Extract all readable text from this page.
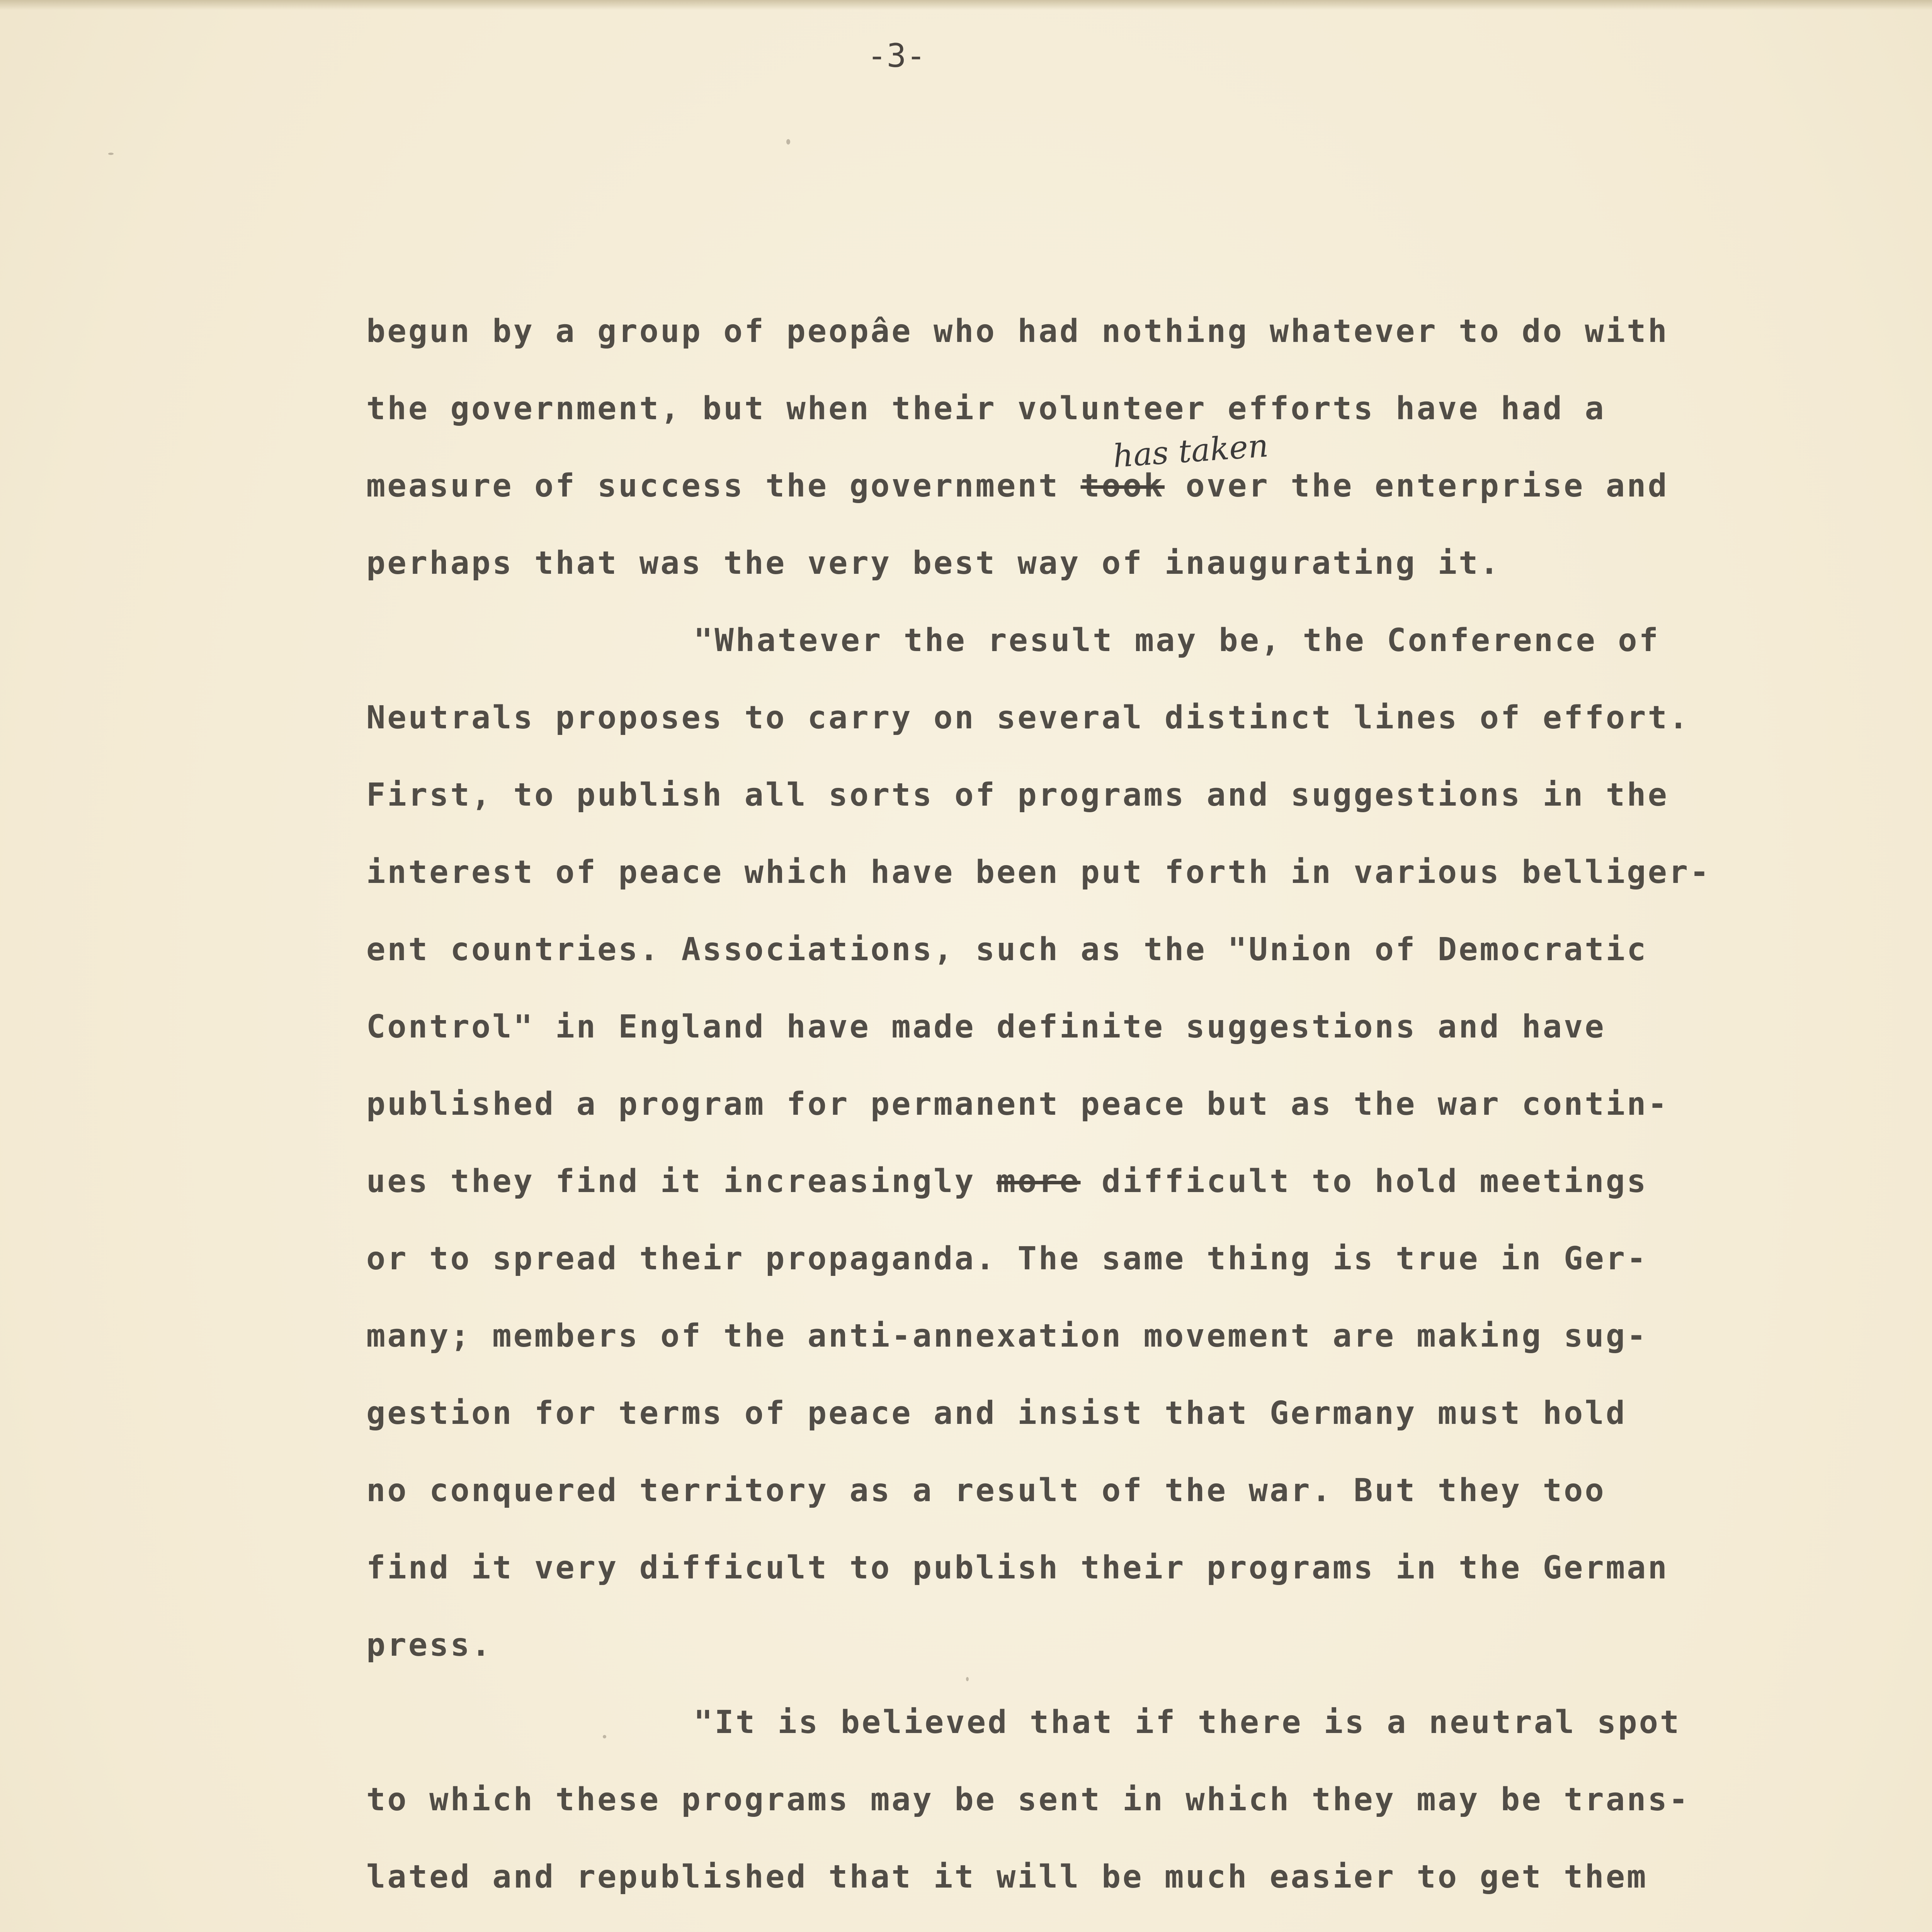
-3-
has taken
begun by a group of peopâe who had nothing whatever to do with
the government, but when their volunteer efforts have had a
measure of success the government took over the enterprise and
perhaps that was the very best way of inaugurating it.
"Whatever the result may be, the Conference of
Neutrals proposes to carry on several distinct lines of effort.
First, to publish all sorts of programs and suggestions in the
interest of peace which have been put forth in various belliger-
ent countries. Associations, such as the "Union of Democratic
Control" in England have made definite suggestions and have
published a program for permanent peace but as the war contin-
ues they find it increasingly more difficult to hold meetings
or to spread their propaganda. The same thing is true in Ger-
many; members of the anti-annexation movement are making sug-
gestion for terms of peace and insist that Germany must hold
no conquered territory as a result of the war. But they too
find it very difficult to publish their programs in the German
press.
"It is believed that if there is a neutral spot
to which these programs may be sent in which they may be trans-
lated and republished that it will be much easier to get them
